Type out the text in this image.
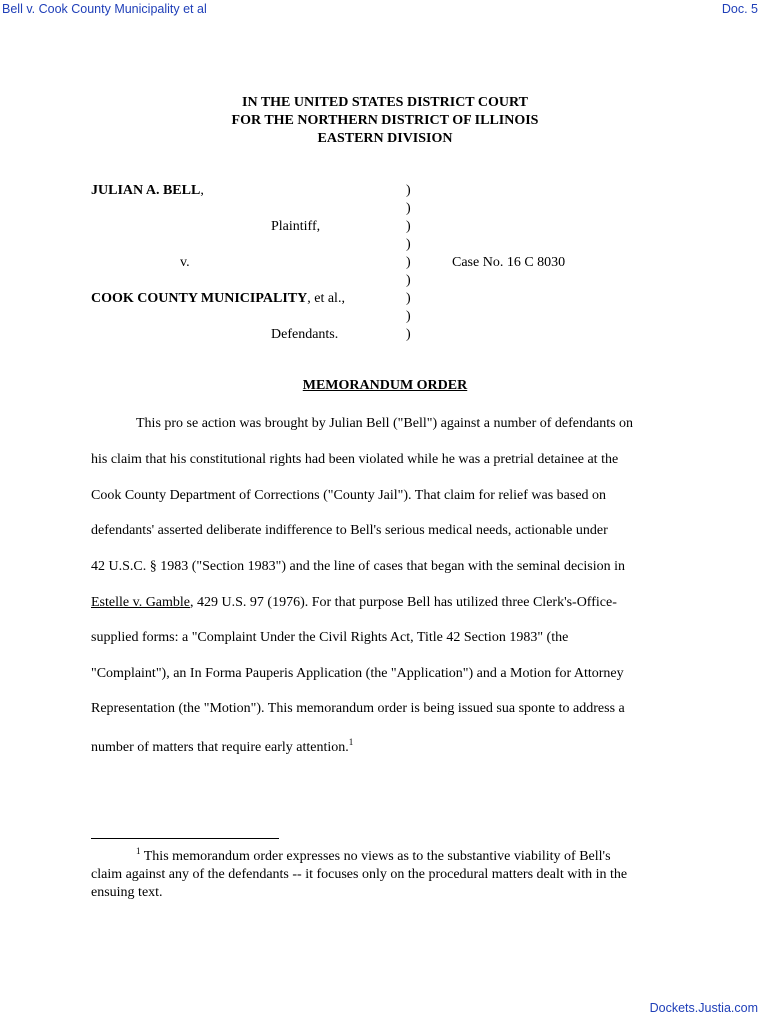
Bell v. Cook County Municipality et al	Doc. 5
IN THE UNITED STATES DISTRICT COURT
FOR THE NORTHERN DISTRICT OF ILLINOIS
EASTERN DIVISION
JULIAN A. BELL,
Plaintiff,
v.	Case No. 16 C 8030
COOK COUNTY MUNICIPALITY, et al.,
Defendants.
)
)
)
)
)
)
)
)
)
MEMORANDUM ORDER
This pro se action was brought by Julian Bell ("Bell") against a number of defendants on
his claim that his constitutional rights had been violated while he was a pretrial detainee at the
Cook County Department of Corrections ("County Jail"). That claim for relief was based on
defendants' asserted deliberate indifference to Bell's serious medical needs, actionable under
42 U.S.C. § 1983 ("Section 1983") and the line of cases that began with the seminal decision in
Estelle v. Gamble, 429 U.S. 97 (1976). For that purpose Bell has utilized three Clerk's-Office-
supplied forms: a "Complaint Under the Civil Rights Act, Title 42 Section 1983" (the
"Complaint"), an In Forma Pauperis Application (the "Application") and a Motion for Attorney
Representation (the "Motion"). This memorandum order is being issued sua sponte to address a
number of matters that require early attention.$^1$
$^1$ This memorandum order expresses no views as to the substantive viability of Bell's
claim against any of the defendants -- it focuses only on the procedural matters dealt with in the
ensuing text.
Dockets.Justia.com
